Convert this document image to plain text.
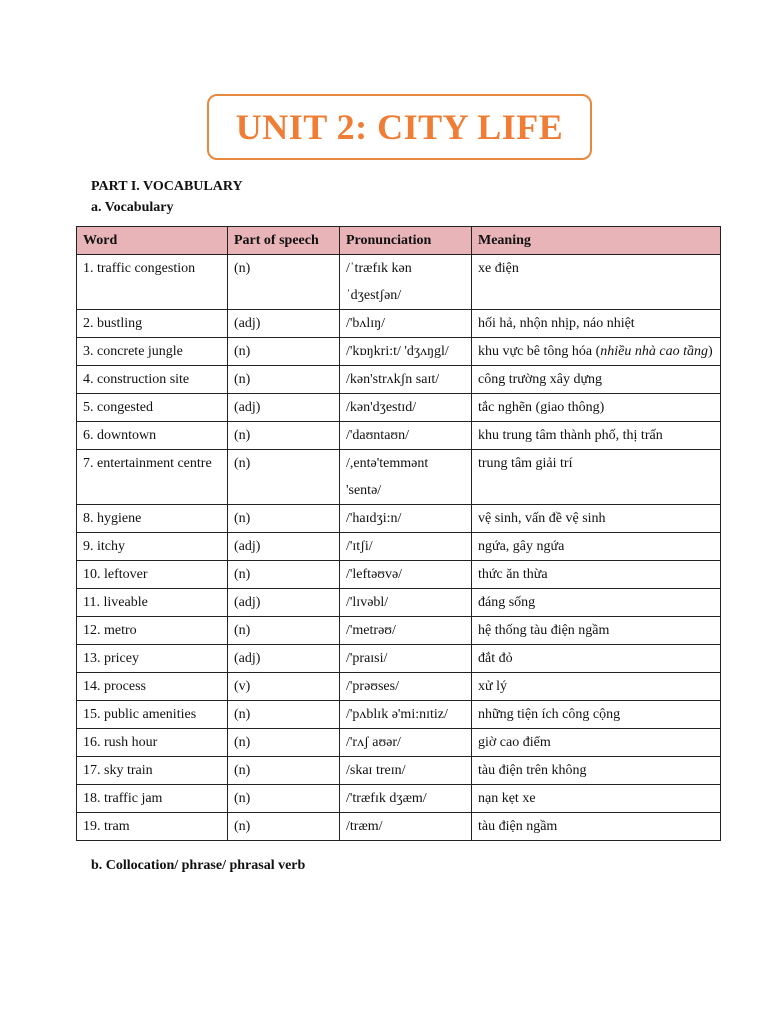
UNIT 2: CITY LIFE
PART I. VOCABULARY
a. Vocabulary
Word	Part of speech	Pronunciation	Meaning
1. traffic congestion	(n)	/ˈtræfɪk kənˈdʒestʃən/	xe điện
2. bustling	(adj)	/'bʌlɪŋ/	hối hả, nhộn nhịp, náo nhiệt
3. concrete jungle	(n)	/'kɒŋkri:t/ 'dʒʌŋgl/	khu vực bê tông hóa (nhiều nhà cao tầng)
4. construction site	(n)	/kən'strʌkʃn saɪt/	công trường xây dựng
5. congested	(adj)	/kən'dʒestɪd/	tắc nghẽn (giao thông)
6. downtown	(n)	/'daʊntaʊn/	khu trung tâm thành phố, thị trấn
7. entertainment centre	(n)	/,entə'temmənt 'sentə/	trung tâm giải trí
8. hygiene	(n)	/'haɪdʒi:n/	vệ sinh, vấn đề vệ sinh
9. itchy	(adj)	/'ɪtʃi/	ngứa, gây ngứa
10. leftover	(n)	/'leftəʊvə/	thức ăn thừa
11. liveable	(adj)	/'lɪvəbl/	đáng sống
12. metro	(n)	/'metrəʊ/	hệ thống tàu điện ngầm
13. pricey	(adj)	/'praɪsi/	đắt đỏ
14. process	(v)	/'prəʊses/	xử lý
15. public amenities	(n)	/'pʌblɪk ə'mi:nɪtiz/	những tiện ích công cộng
16. rush hour	(n)	/'rʌʃ aʊər/	giờ cao điểm
17. sky train	(n)	/skaɪ treɪn/	tàu điện trên không
18. traffic jam	(n)	/'træfɪk dʒæm/	nạn kẹt xe
19. tram	(n)	/træm/	tàu điện ngầm
b. Collocation/ phrase/ phrasal verb
